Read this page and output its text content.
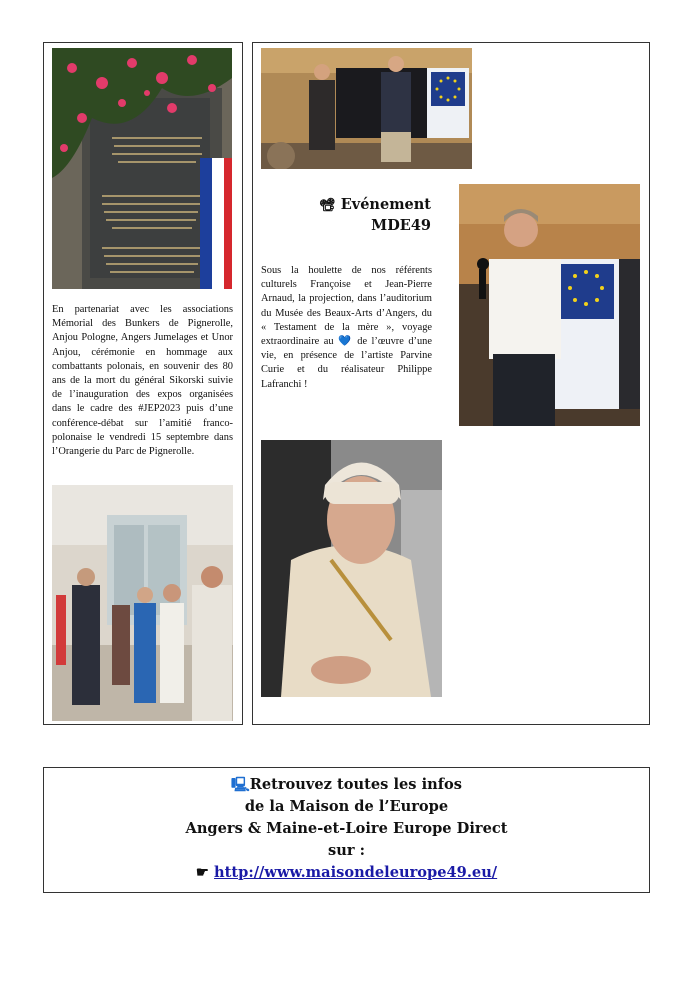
En partenariat avec les associations Mémorial des Bunkers de Pignerolle, Anjou Pologne, Angers Jumelages et Unor Anjou, cérémonie en hommage aux combattants polonais, en souvenir des 80 ans de la mort du général Sikorski suivie de l’inauguration des expos organisées dans le cadre des #JEP2023 puis d’une conférence-débat sur l’amitié franco-polonaise le vendredi 15 septembre dans l’Orangerie du Parc de Pignerolle.
📽 Evénement
MDE49
Sous la houlette de nos référents culturels Françoise et Jean-Pierre Arnaud, la projection, dans l’auditorium du Musée des Beaux-Arts d’Angers, du « Testament de la mère », voyage extraordinaire au 💙 de l’œuvre d’une vie, en présence de l’artiste Parvine Curie et du réalisateur Philippe Lafranchi !
🖳Retrouvez toutes les infos
de la Maison de l’Europe
Angers & Maine-et-Loire Europe Direct
sur :
☛ http://www.maisondeleurope49.eu/
